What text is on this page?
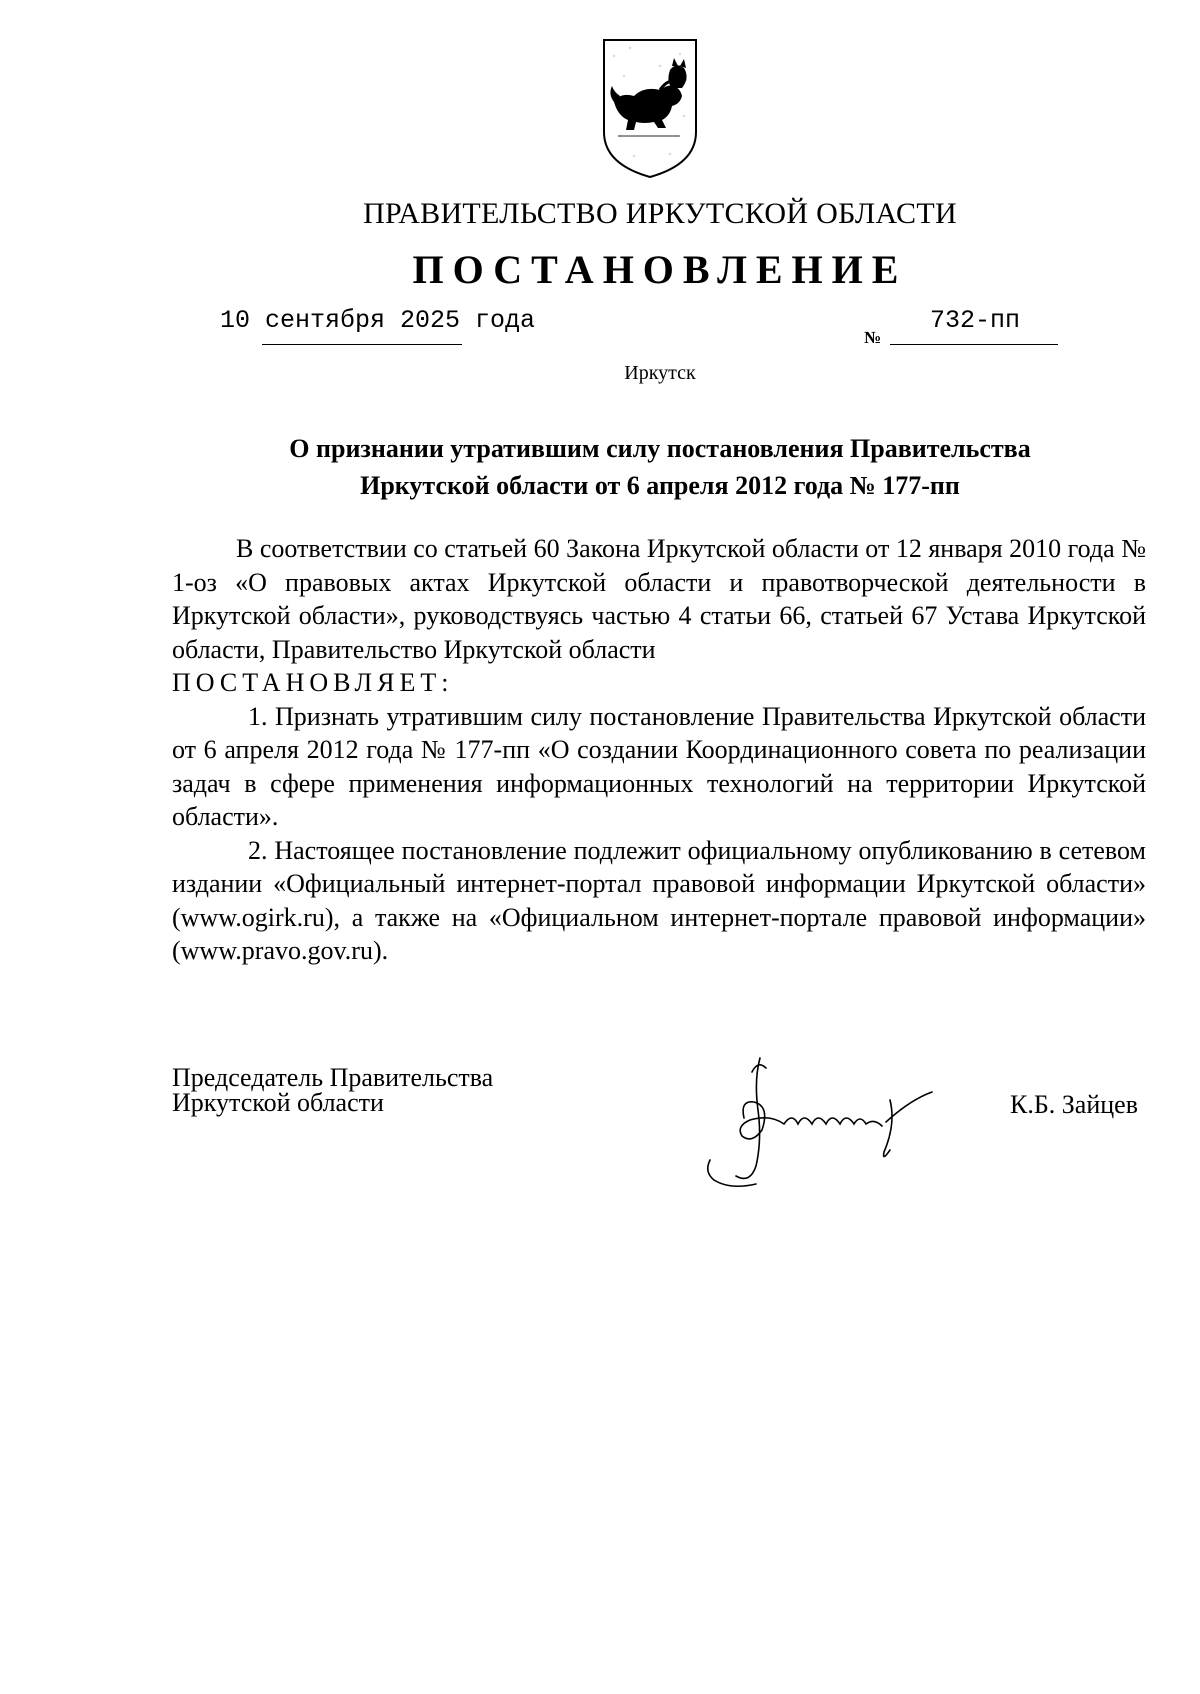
ПРАВИТЕЛЬСТВО ИРКУТСКОЙ ОБЛАСТИ
ПОСТАНОВЛЕНИЕ
10 сентября 2025 года
№
732-пп
Иркутск
О признании утратившим силу постановления Правительства
Иркутской области от 6 апреля 2012 года № 177-пп

В соответствии со статьей 60 Закона Иркутской области от 12 января 2010 года № 1-оз «О правовых актах Иркутской области и правотворческой деятельности в Иркутской области», руководствуясь частью 4 статьи 66, статьей 67 Устава Иркутской области, Правительство Иркутской области

ПОСТАНОВЛЯЕТ:

1. Признать утратившим силу постановление Правительства Иркутской области от 6 апреля 2012 года № 177-пп «О создании Координационного совета по реализации задач в сфере применения информационных технологий на территории Иркутской области».

2. Настоящее постановление подлежит официальному опубликованию в сетевом издании «Официальный интернет-портал правовой информации Иркутской области» (www.ogirk.ru), а также на «Официальном интернет-портале правовой информации» (www.pravo.gov.ru).

Председатель Правительства
Иркутской области	К.Б. Зайцев
